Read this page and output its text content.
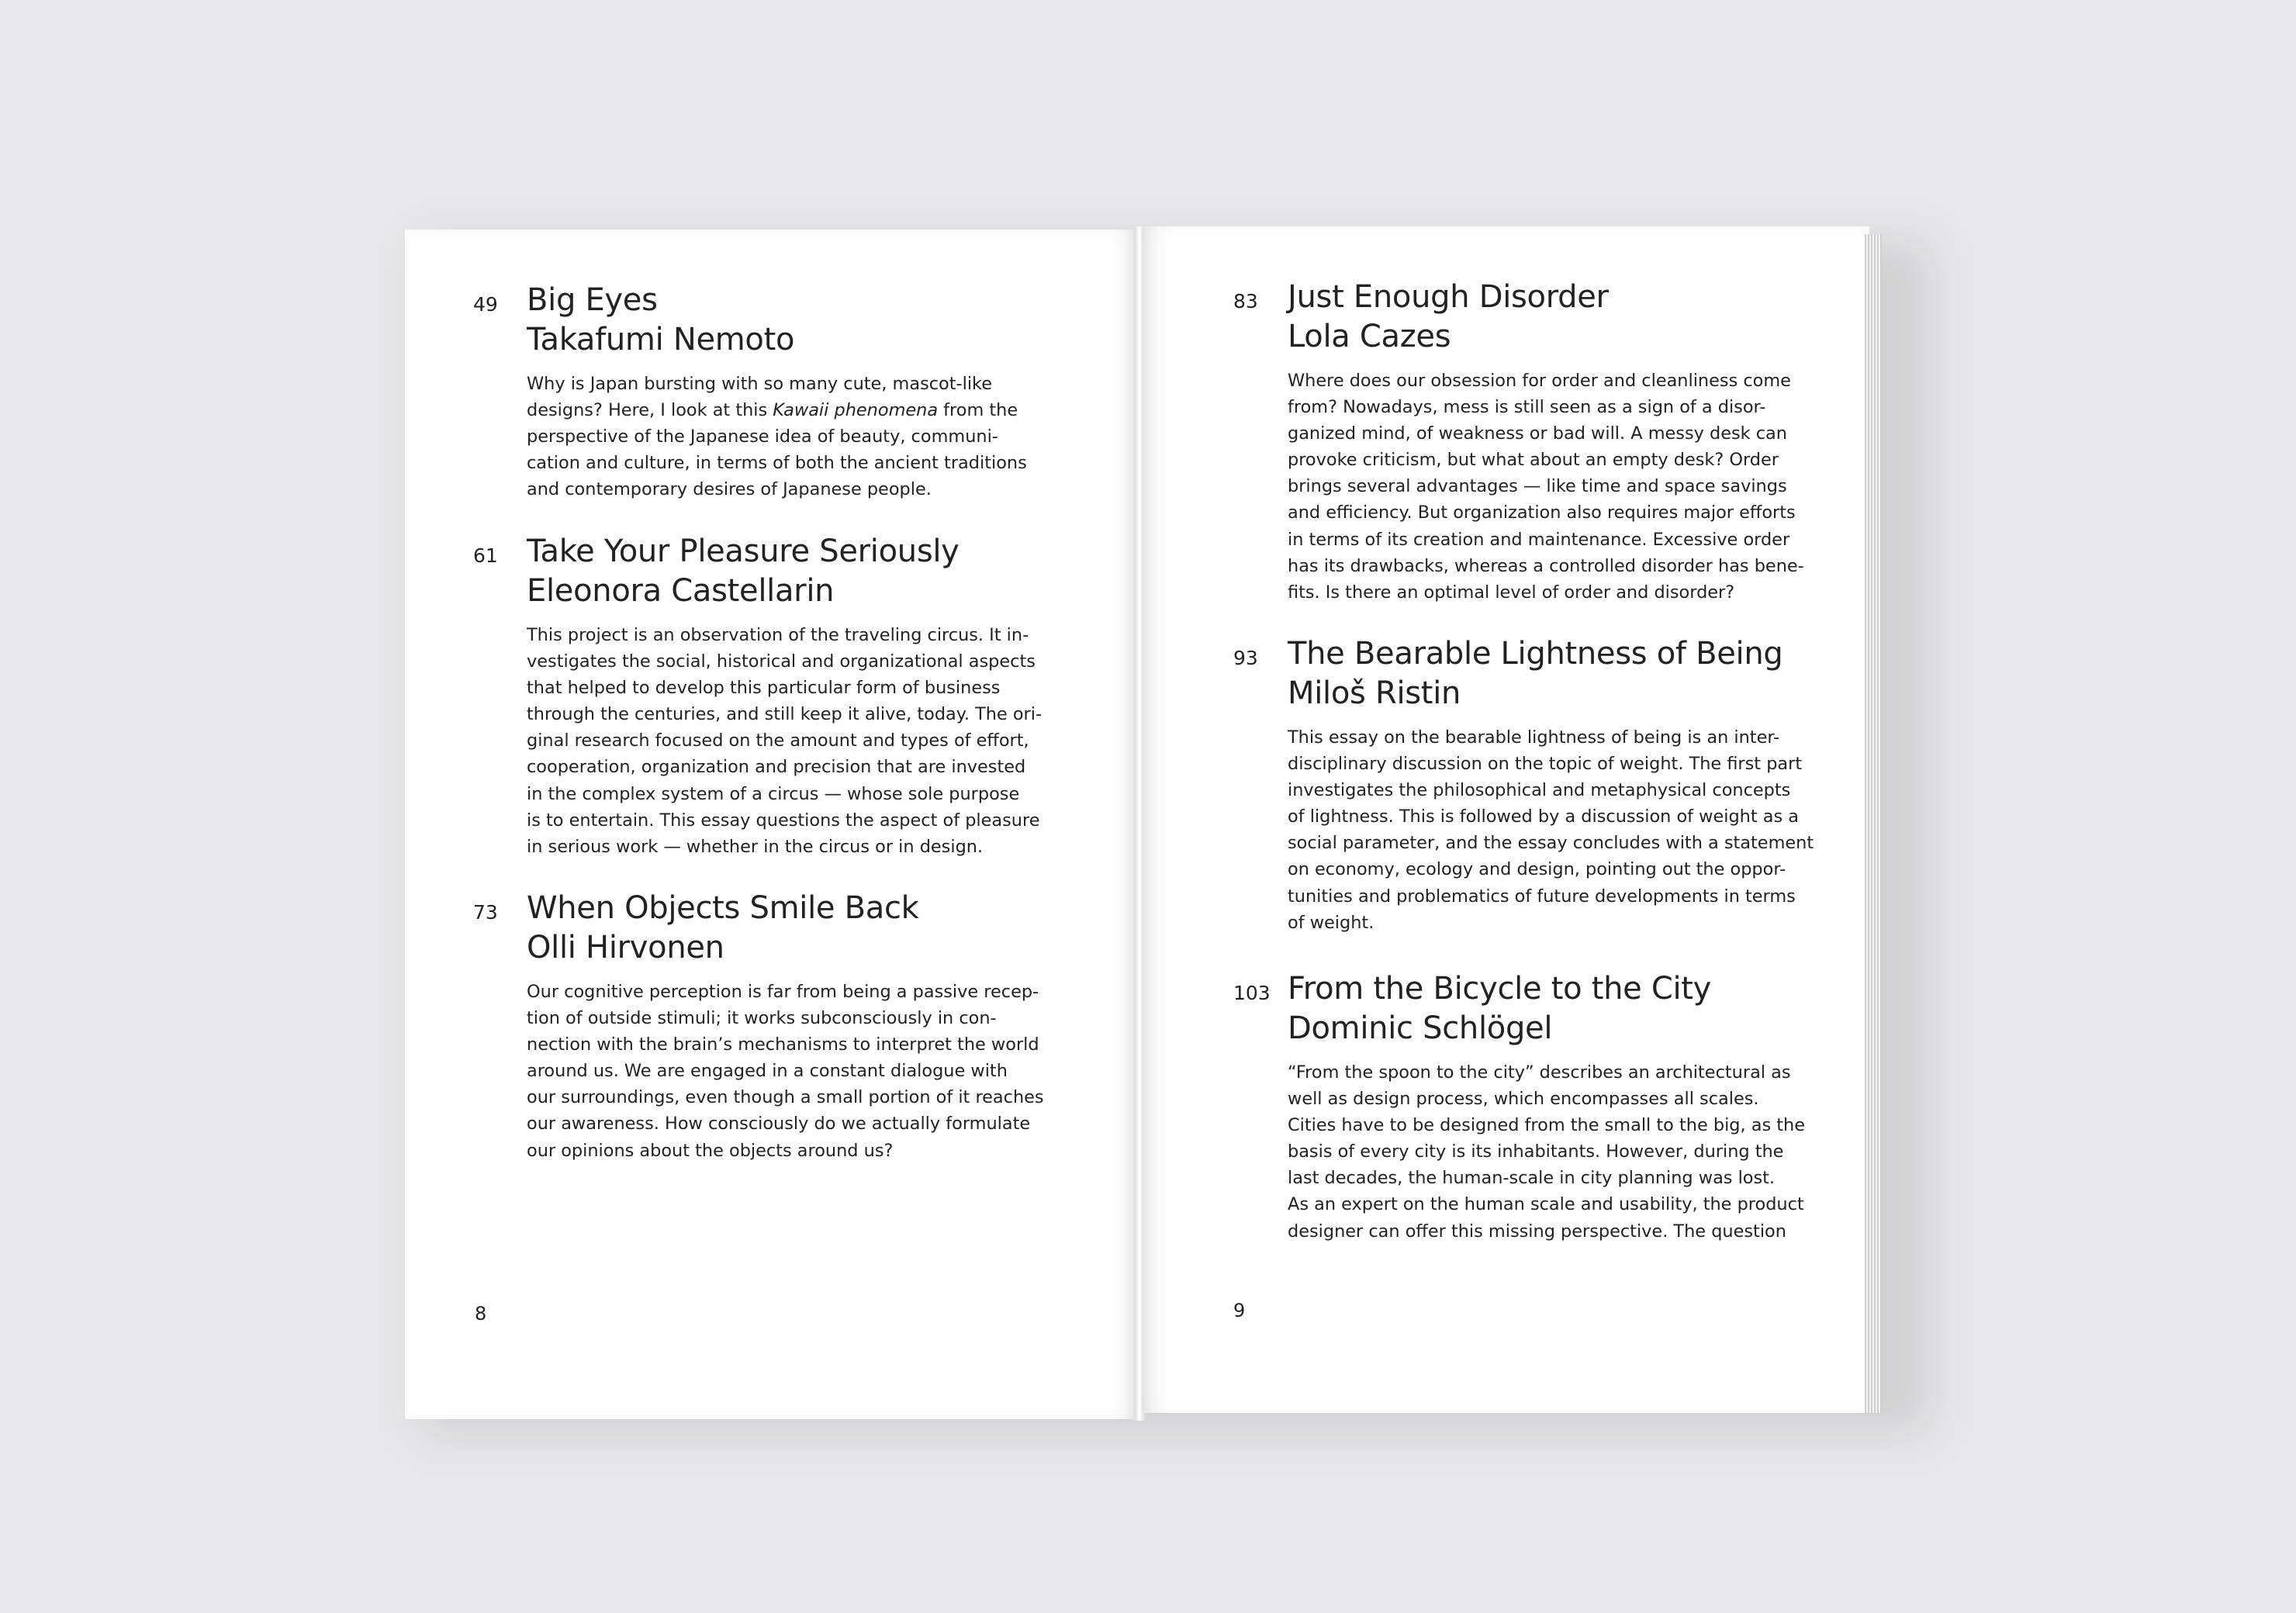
49 Big Eyes
Takafumi Nemoto
Why is Japan bursting with so many cute, mascot-like
designs? Here, I look at this Kawaii phenomena from the
perspective of the Japanese idea of beauty, communi-
cation and culture, in terms of both the ancient traditions
and contemporary desires of Japanese people.
61 Take Your Pleasure Seriously
Eleonora Castellarin
This project is an observation of the traveling circus. It in-
vestigates the social, historical and organizational aspects
that helped to develop this particular form of business
through the centuries, and still keep it alive, today. The ori-
ginal research focused on the amount and types of effort,
cooperation, organization and precision that are invested
in the complex system of a circus — whose sole purpose
is to entertain. This essay questions the aspect of pleasure
in serious work — whether in the circus or in design.
73 When Objects Smile Back
Olli Hirvonen
Our cognitive perception is far from being a passive recep-
tion of outside stimuli; it works subconsciously in con-
nection with the brain’s mechanisms to interpret the world
around us. We are engaged in a constant dialogue with
our surroundings, even though a small portion of it reaches
our awareness. How consciously do we actually formulate
our opinions about the objects around us?
8
83 Just Enough Disorder
Lola Cazes
Where does our obsession for order and cleanliness come
from? Nowadays, mess is still seen as a sign of a disor-
ganized mind, of weakness or bad will. A messy desk can
provoke criticism, but what about an empty desk? Order
brings several advantages — like time and space savings
and efficiency. But organization also requires major efforts
in terms of its creation and maintenance. Excessive order
has its drawbacks, whereas a controlled disorder has bene-
fits. Is there an optimal level of order and disorder?
93 The Bearable Lightness of Being
Miloš Ristin
This essay on the bearable lightness of being is an inter-
disciplinary discussion on the topic of weight. The first part
investigates the philosophical and metaphysical concepts
of lightness. This is followed by a discussion of weight as a
social parameter, and the essay concludes with a statement
on economy, ecology and design, pointing out the oppor-
tunities and problematics of future developments in terms
of weight.
103 From the Bicycle to the City
Dominic Schlögel
“From the spoon to the city” describes an architectural as
well as design process, which encompasses all scales.
Cities have to be designed from the small to the big, as the
basis of every city is its inhabitants. However, during the
last decades, the human-scale in city planning was lost.
As an expert on the human scale and usability, the product
designer can offer this missing perspective. The question
9
